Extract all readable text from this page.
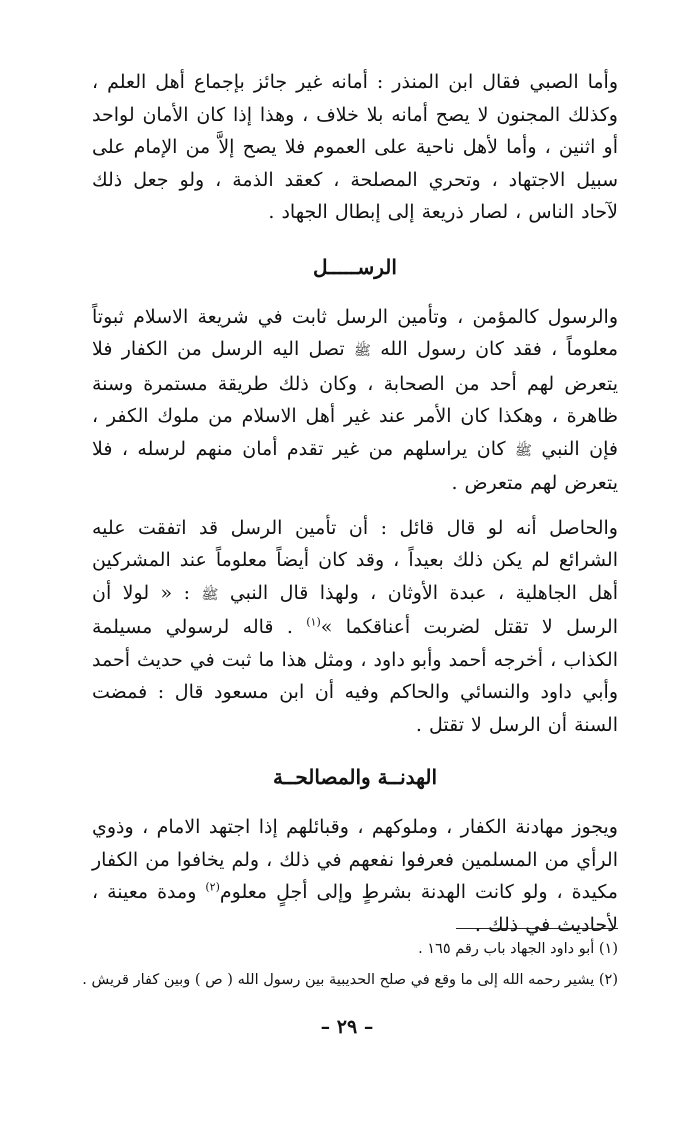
وأما الصبي فقال ابن المنذر : أمانه غير جائز بإجماع أهل العلم ، وكذلك المجنون لا يصح أمانه بلا خلاف ، وهذا إذا كان الأمان لواحد أو اثنين ، وأما لأهل ناحية على العموم فلا يصح إلاَّ من الإمام على سبيل الاجتهاد ، وتحري المصلحة ، كعقد الذمة ، ولو جعل ذلك لآحاد الناس ، لصار ذريعة إلى إبطال الجهاد .

الرســـــل

والرسول كالمؤمن ، وتأمين الرسل ثابت في شريعة الاسلام ثبوتاً معلوماً ، فقد كان رسول الله ﷺ تصل اليه الرسل من الكفار فلا يتعرض لهم أحد من الصحابة ، وكان ذلك طريقة مستمرة وسنة ظاهرة ، وهكذا كان الأمر عند غير أهل الاسلام من ملوك الكفر ، فإن النبي ﷺ كان يراسلهم من غير تقدم أمان منهم لرسله ، فلا يتعرض لهم متعرض .

والحاصل أنه لو قال قائل : أن تأمين الرسل قد اتفقت عليه الشرائع لم يكن ذلك بعيداً ، وقد كان أيضاً معلوماً عند المشركين أهل الجاهلية ، عبدة الأوثان ، ولهذا قال النبي ﷺ : « لولا أن الرسل لا تقتل لضربت أعناقكما »$^{(١)}$ . قاله لرسولي مسيلمة الكذاب ، أخرجه أحمد وأبو داود ، ومثل هذا ما ثبت في حديث أحمد وأبي داود والنسائي والحاكم وفيه أن ابن مسعود قال : فمضت السنة أن الرسل لا تقتل .

الهدنــة والمصالحــة

ويجوز مهادنة الكفار ، وملوكهم ، وقبائلهم إذا اجتهد الامام ، وذوي الرأي من المسلمين فعرفوا نفعهم في ذلك ، ولم يخافوا من الكفار مكيدة ، ولو كانت الهدنة بشرطٍ وإلى أجلٍ معلوم$^{(٢)}$ ومدة معينة ، لأحاديث في ذلك .

(١) أبو داود الجهاد باب رقم ١٦٥ .

(٢) يشير رحمه الله إلى ما وقع في صلح الحديبية بين رسول الله ( ص ) وبين كفار قريش .

– ٢٩ –
